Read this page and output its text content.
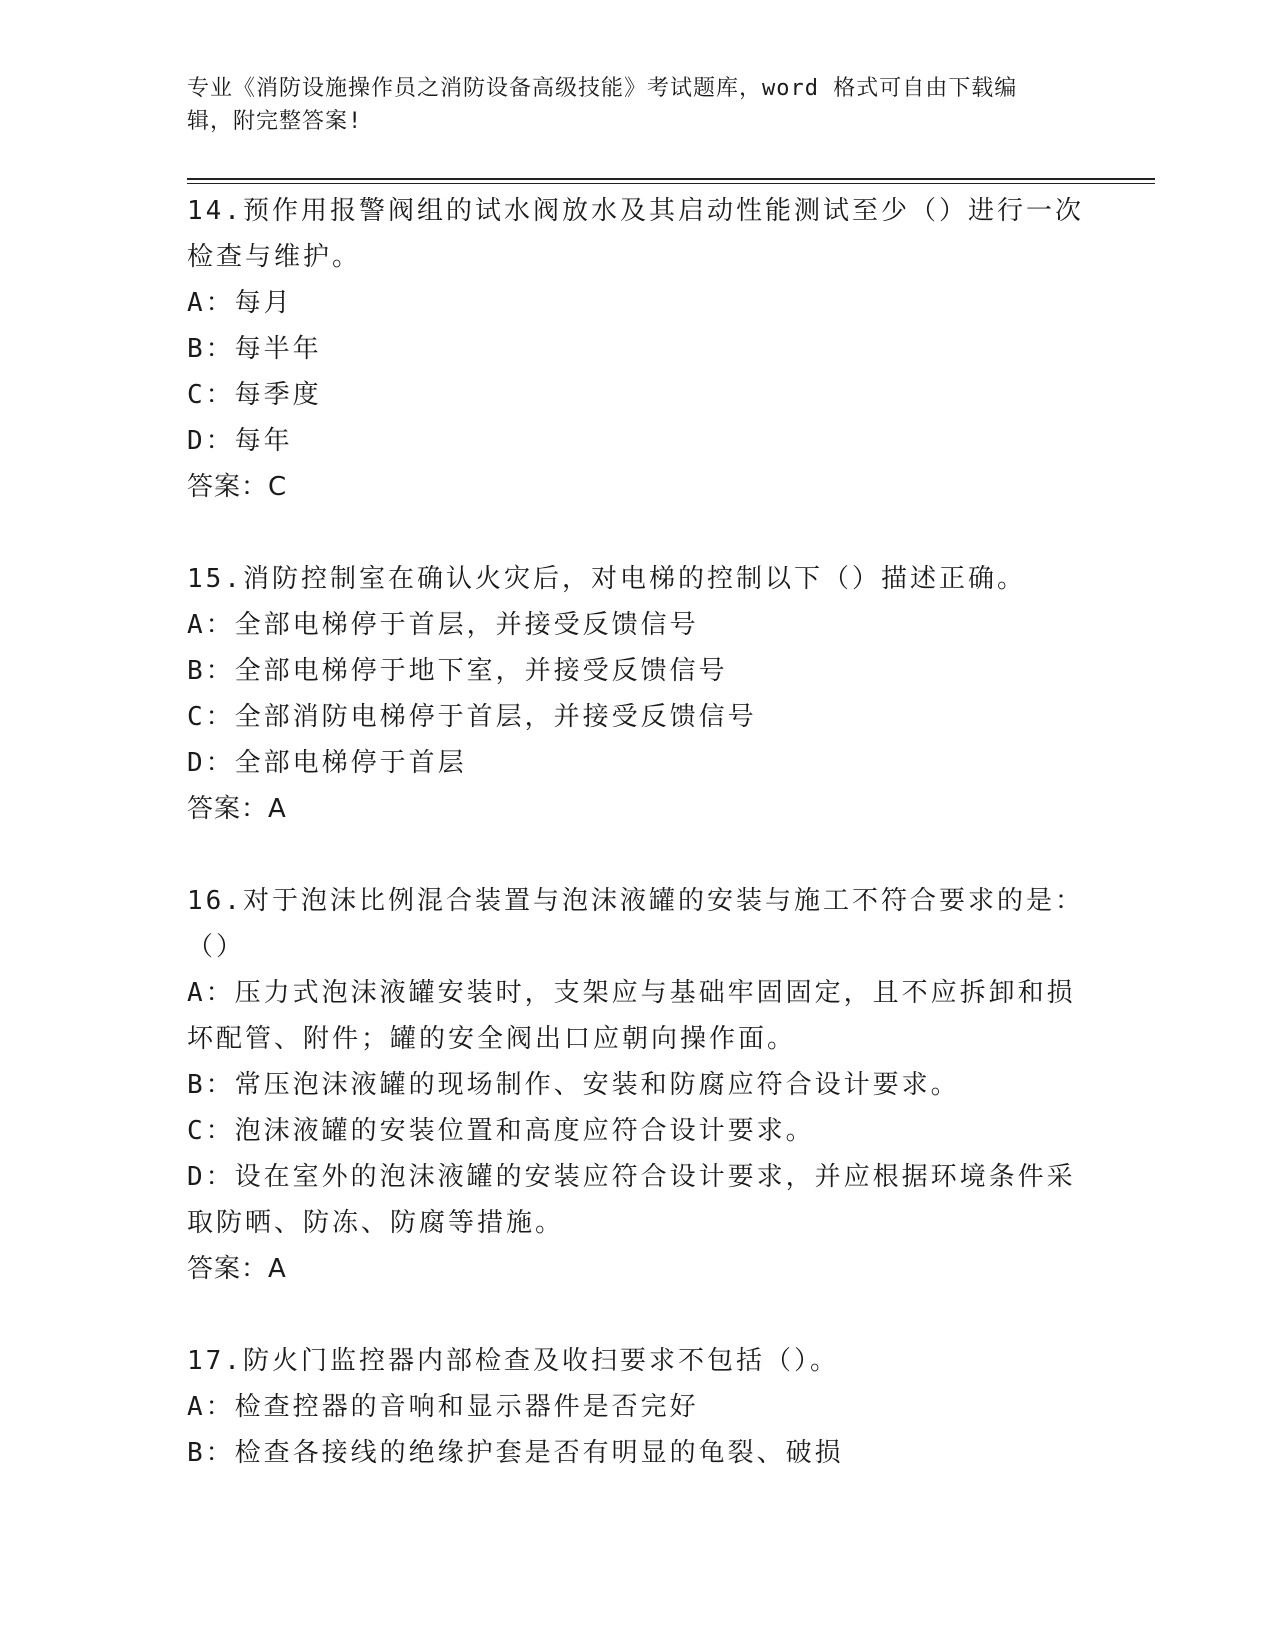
专业《消防设施操作员之消防设备高级技能》考试题库，word 格式可自由下载编
辑，附完整答案!
14.预作用报警阀组的试水阀放水及其启动性能测试至少（）进行一次
检查与维护。
A：每月
B：每半年
C：每季度
D：每年
答案：C
15.消防控制室在确认火灾后，对电梯的控制以下（）描述正确。
A：全部电梯停于首层，并接受反馈信号
B：全部电梯停于地下室，并接受反馈信号
C：全部消防电梯停于首层，并接受反馈信号
D：全部电梯停于首层
答案：A
16.对于泡沫比例混合装置与泡沫液罐的安装与施工不符合要求的是：
（）
A：压力式泡沫液罐安装时，支架应与基础牢固固定，且不应拆卸和损
坏配管、附件；罐的安全阀出口应朝向操作面。
B：常压泡沫液罐的现场制作、安装和防腐应符合设计要求。
C：泡沫液罐的安装位置和高度应符合设计要求。
D：设在室外的泡沫液罐的安装应符合设计要求，并应根据环境条件采
取防晒、防冻、防腐等措施。
答案：A
17.防火门监控器内部检查及收扫要求不包括（）。
A：检查控器的音响和显示器件是否完好
B：检查各接线的绝缘护套是否有明显的龟裂、破损
